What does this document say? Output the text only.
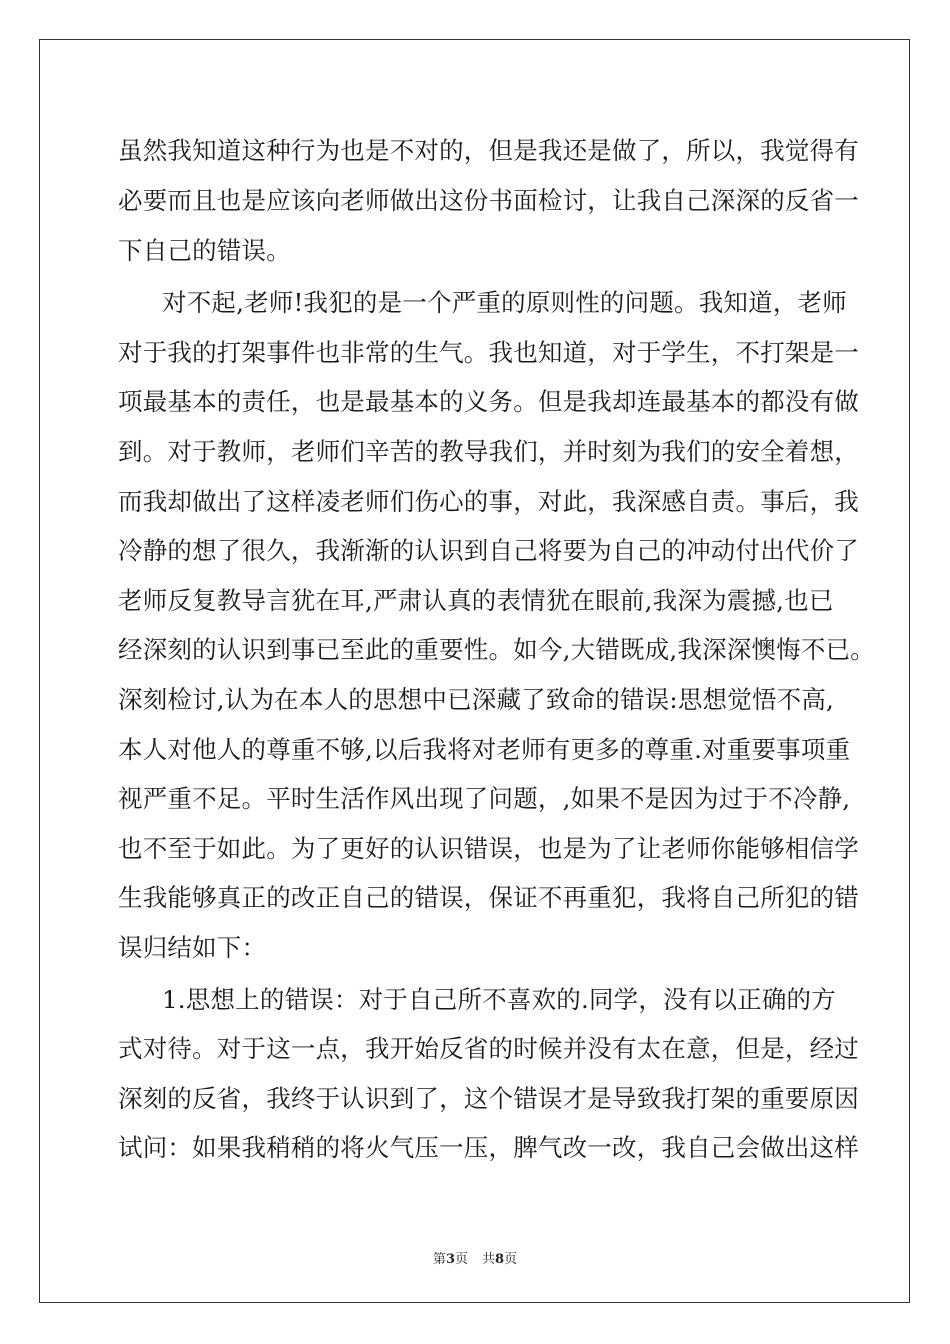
虽然我知道这种行为也是不对的，但是我还是做了，所以，我觉得有
必要而且也是应该向老师做出这份书面检讨，让我自己深深的反省一
下自己的错误。
对不起,老师!我犯的是一个严重的原则性的问题。我知道，老师
对于我的打架事件也非常的生气。我也知道，对于学生，不打架是一
项最基本的责任，也是最基本的义务。但是我却连最基本的都没有做
到。对于教师，老师们辛苦的教导我们，并时刻为我们的安全着想，
而我却做出了这样凌老师们伤心的事，对此，我深感自责。事后，我
冷静的想了很久，我渐渐的认识到自己将要为自己的冲动付出代价了
老师反复教导言犹在耳,严肃认真的表情犹在眼前,我深为震撼,也已
经深刻的认识到事已至此的重要性。如今,大错既成,我深深懊悔不已。
深刻检讨,认为在本人的思想中已深藏了致命的错误:思想觉悟不高,
本人对他人的尊重不够,以后我将对老师有更多的尊重.对重要事项重
视严重不足。平时生活作风出现了问题，,如果不是因为过于不冷静,
也不至于如此。为了更好的认识错误，也是为了让老师你能够相信学
生我能够真正的改正自己的错误，保证不再重犯，我将自己所犯的错
误归结如下：
1.思想上的错误：对于自己所不喜欢的.同学，没有以正确的方
式对待。对于这一点，我开始反省的时候并没有太在意，但是，经过
深刻的反省，我终于认识到了，这个错误才是导致我打架的重要原因
试问：如果我稍稍的将火气压一压，脾气改一改，我自己会做出这样
第3页 共8页
